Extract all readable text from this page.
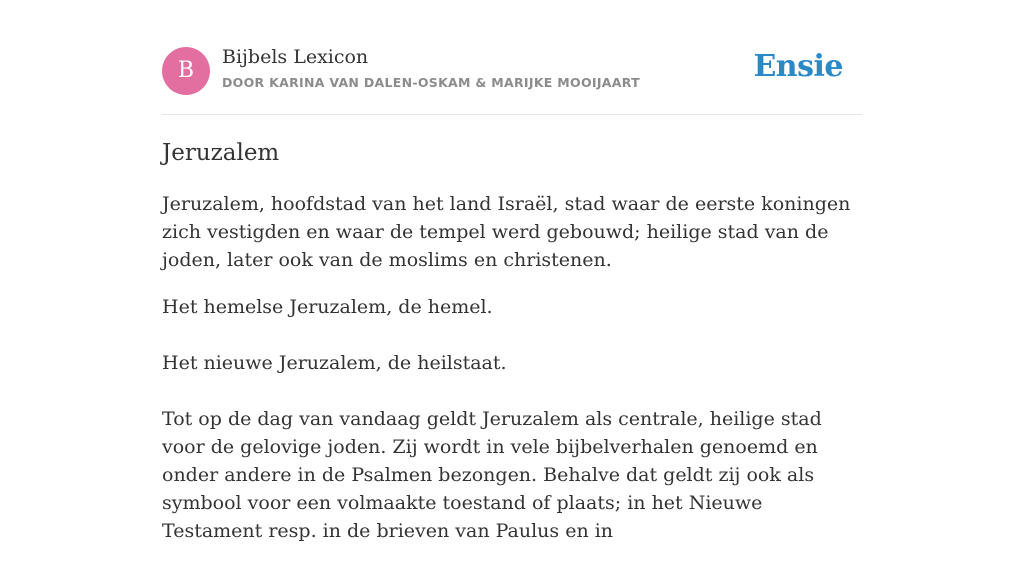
B
Bijbels Lexicon
DOOR KARINA VAN DALEN-OSKAM & MARIJKE MOOIJAART	Ensie
Jeruzalem

Jeruzalem, hoofdstad van het land Israël, stad waar de eerste koningen zich vestigden en waar de tempel werd gebouwd; heilige stad van de joden, later ook van de moslims en christenen.

Het hemelse Jeruzalem, de hemel.

Het nieuwe Jeruzalem, de heilstaat.

Tot op de dag van vandaag geldt Jeruzalem als centrale, heilige stad voor de gelovige joden. Zij wordt in vele bijbelverhalen genoemd en onder andere in de Psalmen bezongen. Behalve dat geldt zij ook als symbool voor een volmaakte toestand of plaats; in het Nieuwe Testament resp. in de brieven van Paulus en in
